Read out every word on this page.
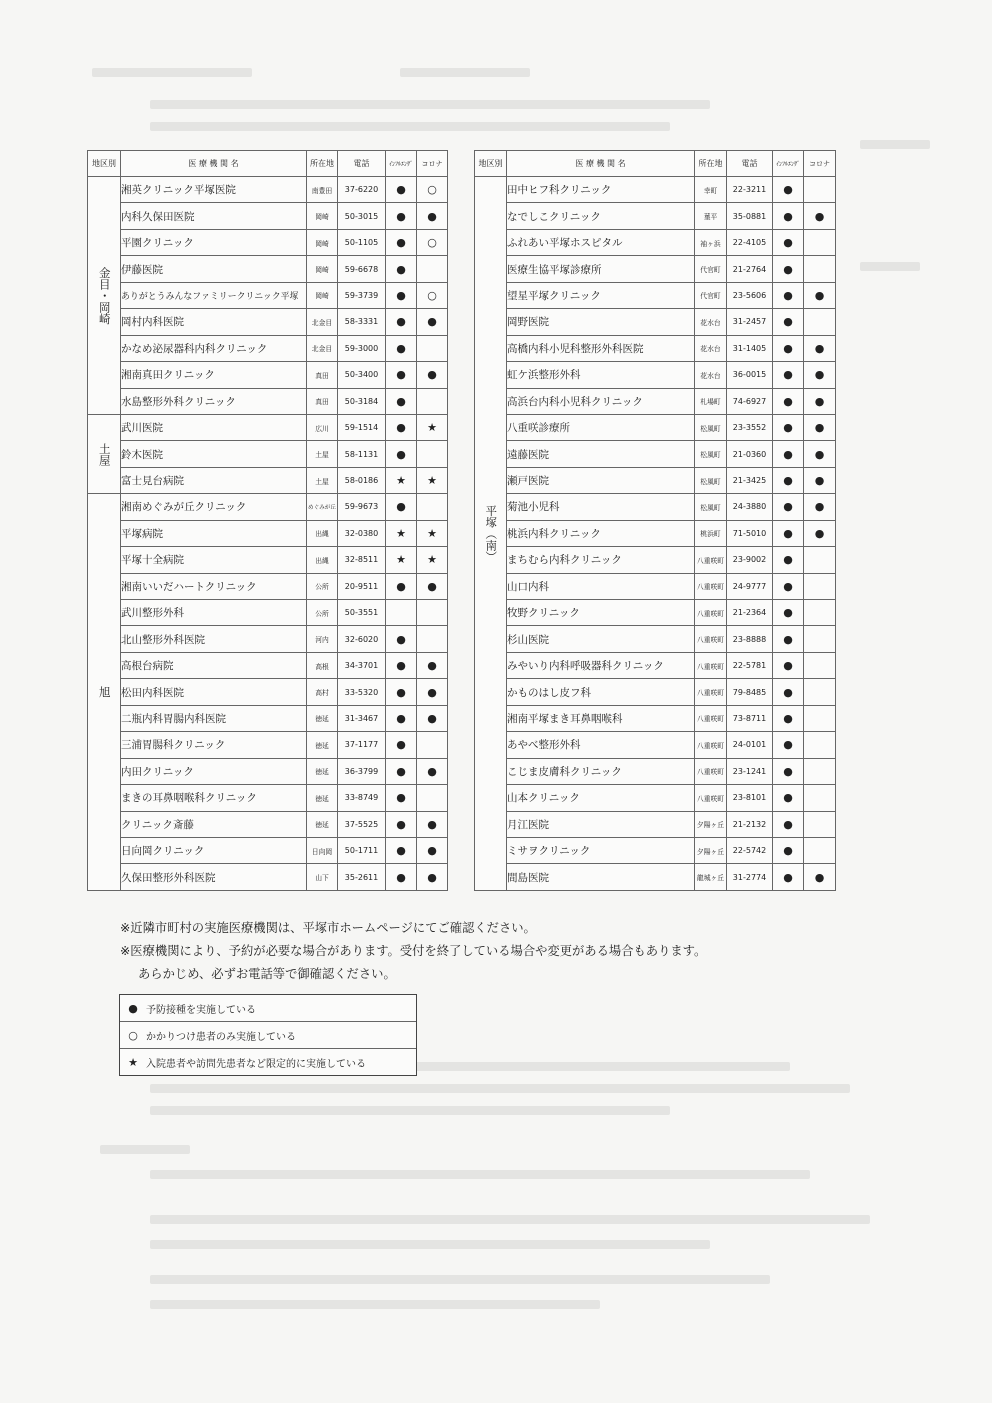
地区別	医 療 機 関 名	所在地	電話	ｲﾝﾌﾙｴﾝｻﾞ	コロナ
金目・岡崎	湘英クリニック平塚医院	南豊田	37-6220	●	○
	内科久保田医院	岡崎	50-3015	●	●
	平園クリニック	岡崎	50-1105	●	○
	伊藤医院	岡崎	59-6678	●	
	ありがとうみんなファミリークリニック平塚	岡崎	59-3739	●	○
	岡村内科医院	北金目	58-3331	●	●
	かなめ泌尿器科内科クリニック	北金目	59-3000	●	
	湘南真田クリニック	真田	50-3400	●	●
	水島整形外科クリニック	真田	50-3184	●	
土屋	武川医院	広川	59-1514	●	★
	鈴木医院	土屋	58-1131	●	
	富士見台病院	土屋	58-0186	★	★
旭	湘南めぐみが丘クリニック	めぐみが丘	59-9673	●	
	平塚病院	出縄	32-0380	★	★
	平塚十全病院	出縄	32-8511	★	★
	湘南いいだハートクリニック	公所	20-9511	●	●
	武川整形外科	公所	50-3551		
	北山整形外科医院	河内	32-6020	●	
	高根台病院	高根	34-3701	●	●
	松田内科医院	高村	33-5320	●	●
	二瓶内科胃腸内科医院	徳延	31-3467	●	●
	三浦胃腸科クリニック	徳延	37-1177	●	
	内田クリニック	徳延	36-3799	●	●
	まきの耳鼻咽喉科クリニック	徳延	33-8749	●	
	クリニック斎藤	徳延	37-5525	●	●
	日向岡クリニック	日向岡	50-1711	●	●
	久保田整形外科医院	山下	35-2611	●	●
地区別	医 療 機 関 名	所在地	電話	ｲﾝﾌﾙｴﾝｻﾞ	コロナ
平塚（南）	田中ヒフ科クリニック	幸町	22-3211	●	
	なでしこクリニック	菫平	35-0881	●	●
	ふれあい平塚ホスピタル	袖ヶ浜	22-4105	●	
	医療生協平塚診療所	代官町	21-2764	●	
	望星平塚クリニック	代官町	23-5606	●	●
	岡野医院	花水台	31-2457	●	
	高橋内科小児科整形外科医院	花水台	31-1405	●	●
	虹ケ浜整形外科	花水台	36-0015	●	●
	高浜台内科小児科クリニック	札場町	74-6927	●	●
	八重咲診療所	松風町	23-3552	●	●
	遠藤医院	松風町	21-0360	●	●
	瀬戸医院	松風町	21-3425	●	●
	菊池小児科	松風町	24-3880	●	●
	桃浜内科クリニック	桃浜町	71-5010	●	●
	まちむら内科クリニック	八重咲町	23-9002	●	
	山口内科	八重咲町	24-9777	●	
	牧野クリニック	八重咲町	21-2364	●	
	杉山医院	八重咲町	23-8888	●	
	みやいり内科呼吸器科クリニック	八重咲町	22-5781	●	
	かものはし皮フ科	八重咲町	79-8485	●	
	湘南平塚まき耳鼻咽喉科	八重咲町	73-8711	●	
	あやべ整形外科	八重咲町	24-0101	●	
	こじま皮膚科クリニック	八重咲町	23-1241	●	
	山本クリニック	八重咲町	23-8101	●	
	月江医院	夕陽ヶ丘	21-2132	●	
	ミサヲクリニック	夕陽ヶ丘	22-5742	●	
	間島医院	龍城ヶ丘	31-2774	●	●
※近隣市町村の実施医療機関は、平塚市ホームページにてご確認ください。
※医療機関により、予約が必要な場合があります。受付を終了している場合や変更がある場合もあります。
あらかじめ、必ずお電話等で御確認ください。
● 予防接種を実施している
○ かかりつけ患者のみ実施している
★ 入院患者や訪問先患者など限定的に実施している
